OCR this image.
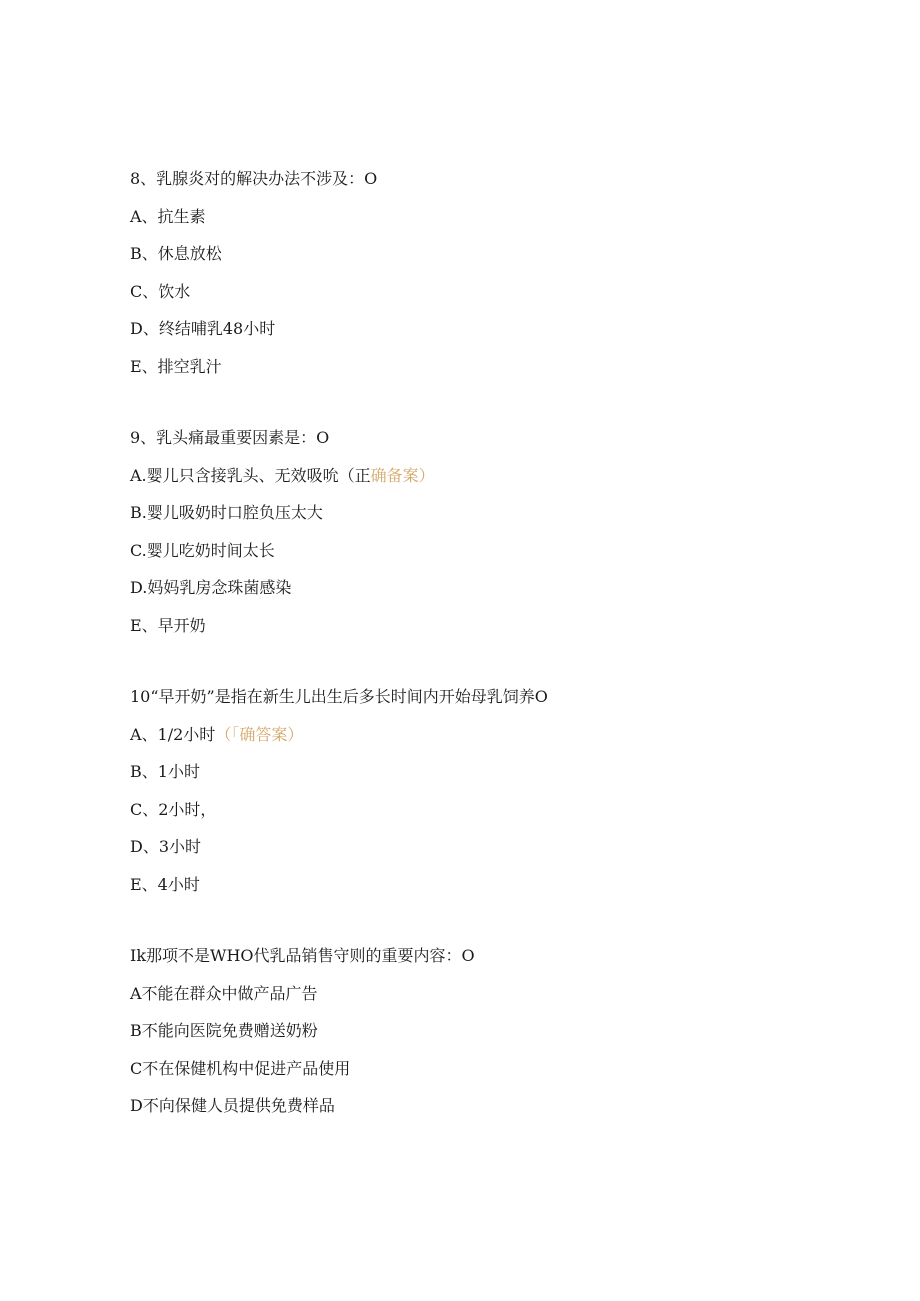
8、乳腺炎对的解决办法不涉及：O
A、抗生素
B、休息放松
C、饮水
D、终结哺乳48小时
E、排空乳汁
9、乳头痛最重要因素是：O
A.婴儿只含接乳头、无效吸吮（正确备案）
B.婴儿吸奶时口腔负压太大
C.婴儿吃奶时间太长
D.妈妈乳房念珠菌感染
E、早开奶
10“早开奶”是指在新生儿出生后多长时间内开始母乳饲养O
A、1/2小时（「确答案）
B、1小时
C、2小时，
D、3小时
E、4小时
Ik那项不是WHO代乳品销售守则的重要内容：O
A不能在群众中做产品广告
B不能向医院免费赠送奶粉
C不在保健机构中促进产品使用
D不向保健人员提供免费样品
